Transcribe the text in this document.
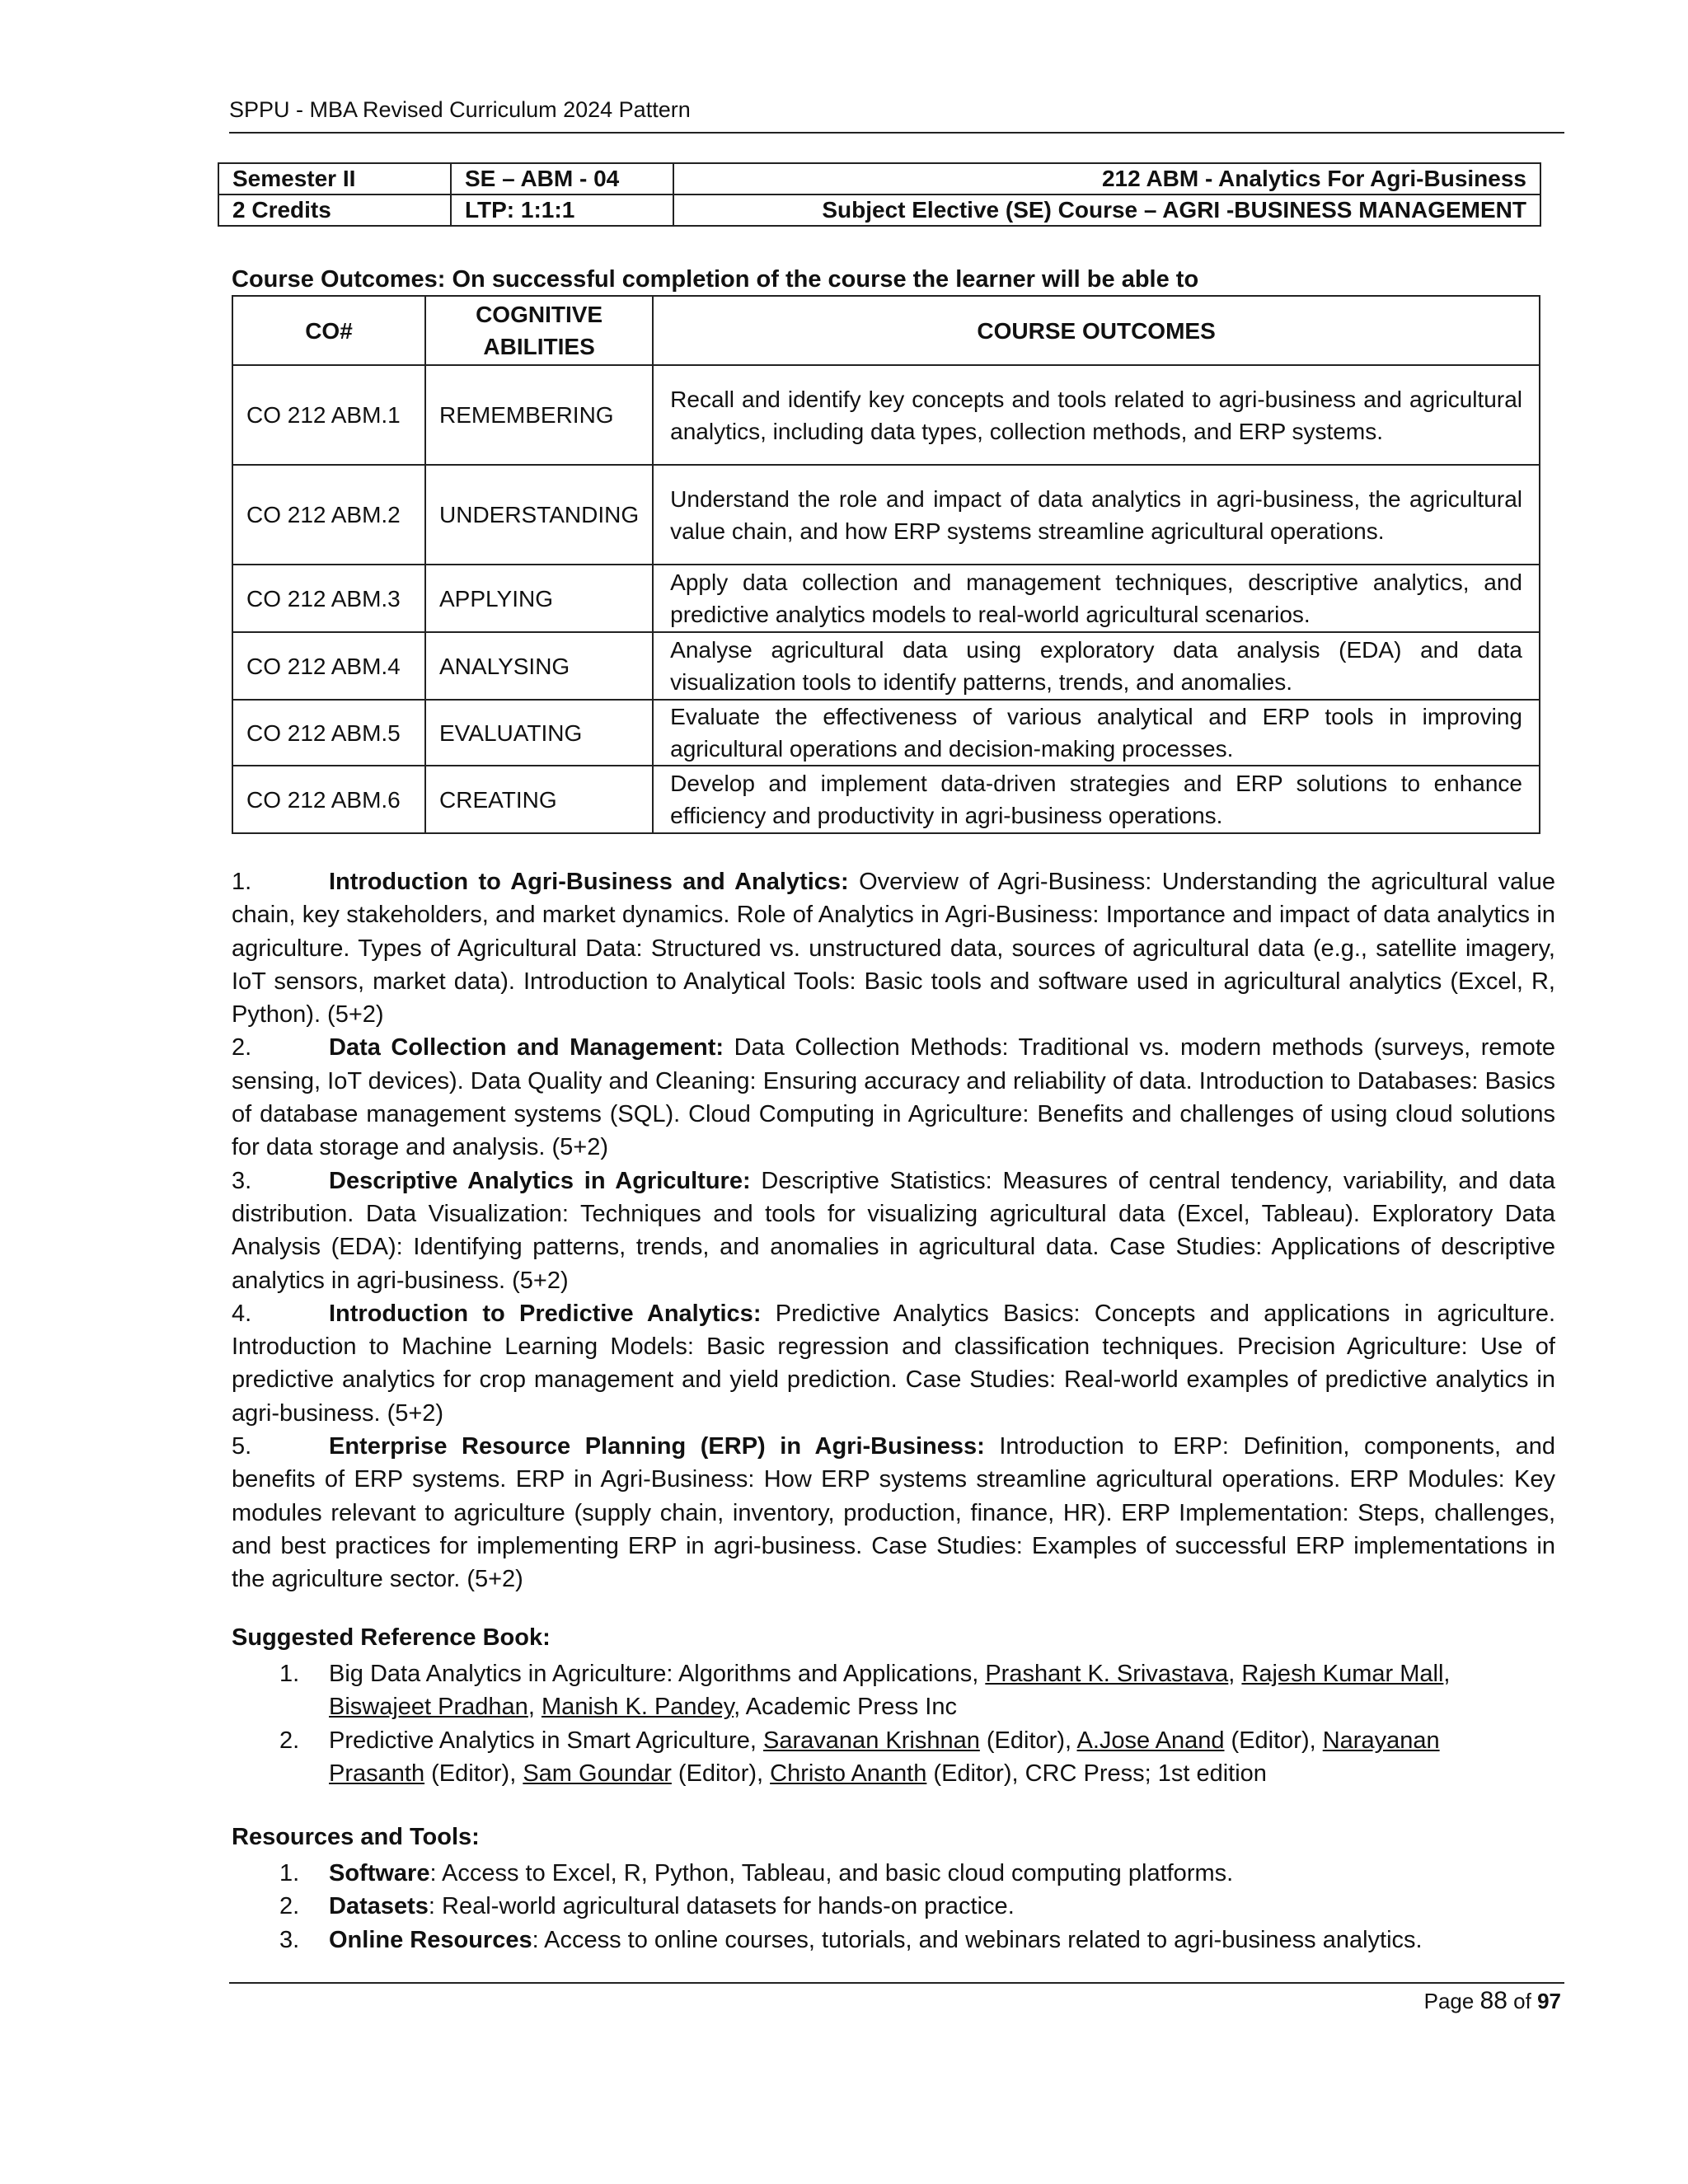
SPPU - MBA Revised Curriculum 2024 Pattern
Semester II	SE – ABM - 04	212 ABM - Analytics For Agri-Business
2 Credits	LTP: 1:1:1	Subject Elective (SE) Course – AGRI -BUSINESS MANAGEMENT
Course Outcomes: On successful completion of the course the learner will be able to
CO#	COGNITIVE ABILITIES	COURSE OUTCOMES
CO 212 ABM.1	REMEMBERING	Recall and identify key concepts and tools related to agri-business and agricultural analytics, including data types, collection methods, and ERP systems.
CO 212 ABM.2	UNDERSTANDING	Understand the role and impact of data analytics in agri-business, the agricultural value chain, and how ERP systems streamline agricultural operations.
CO 212 ABM.3	APPLYING	Apply data collection and management techniques, descriptive analytics, and predictive analytics models to real-world agricultural scenarios.
CO 212 ABM.4	ANALYSING	Analyse agricultural data using exploratory data analysis (EDA) and data visualization tools to identify patterns, trends, and anomalies.
CO 212 ABM.5	EVALUATING	Evaluate the effectiveness of various analytical and ERP tools in improving agricultural operations and decision-making processes.
CO 212 ABM.6	CREATING	Develop and implement data-driven strategies and ERP solutions to enhance efficiency and productivity in agri-business operations.

1.	Introduction to Agri-Business and Analytics: Overview of Agri-Business: Understanding the agricultural value chain, key stakeholders, and market dynamics. Role of Analytics in Agri-Business: Importance and impact of data analytics in agriculture. Types of Agricultural Data: Structured vs. unstructured data, sources of agricultural data (e.g., satellite imagery, IoT sensors, market data). Introduction to Analytical Tools: Basic tools and software used in agricultural analytics (Excel, R, Python). (5+2)

2.	Data Collection and Management: Data Collection Methods: Traditional vs. modern methods (surveys, remote sensing, IoT devices). Data Quality and Cleaning: Ensuring accuracy and reliability of data. Introduction to Databases: Basics of database management systems (SQL). Cloud Computing in Agriculture: Benefits and challenges of using cloud solutions for data storage and analysis. (5+2)

3.	Descriptive Analytics in Agriculture: Descriptive Statistics: Measures of central tendency, variability, and data distribution. Data Visualization: Techniques and tools for visualizing agricultural data (Excel, Tableau). Exploratory Data Analysis (EDA): Identifying patterns, trends, and anomalies in agricultural data. Case Studies: Applications of descriptive analytics in agri-business. (5+2)

4.	Introduction to Predictive Analytics: Predictive Analytics Basics: Concepts and applications in agriculture. Introduction to Machine Learning Models: Basic regression and classification techniques. Precision Agriculture: Use of predictive analytics for crop management and yield prediction. Case Studies: Real-world examples of predictive analytics in agri-business. (5+2)

5.	Enterprise Resource Planning (ERP) in Agri-Business: Introduction to ERP: Definition, components, and benefits of ERP systems. ERP in Agri-Business: How ERP systems streamline agricultural operations. ERP Modules: Key modules relevant to agriculture (supply chain, inventory, production, finance, HR). ERP Implementation: Steps, challenges, and best practices for implementing ERP in agri-business. Case Studies: Examples of successful ERP implementations in the agriculture sector. (5+2)

Suggested Reference Book:
1. Big Data Analytics in Agriculture: Algorithms and Applications, Prashant K. Srivastava, Rajesh Kumar Mall, Biswajeet Pradhan, Manish K. Pandey, Academic Press Inc
2. Predictive Analytics in Smart Agriculture, Saravanan Krishnan (Editor), A.Jose Anand (Editor), Narayanan Prasanth (Editor), Sam Goundar (Editor), Christo Ananth (Editor), CRC Press; 1st edition
Resources and Tools:
1. Software: Access to Excel, R, Python, Tableau, and basic cloud computing platforms.
2. Datasets: Real-world agricultural datasets for hands-on practice.
3. Online Resources: Access to online courses, tutorials, and webinars related to agri-business analytics.
Page 88 of 97
